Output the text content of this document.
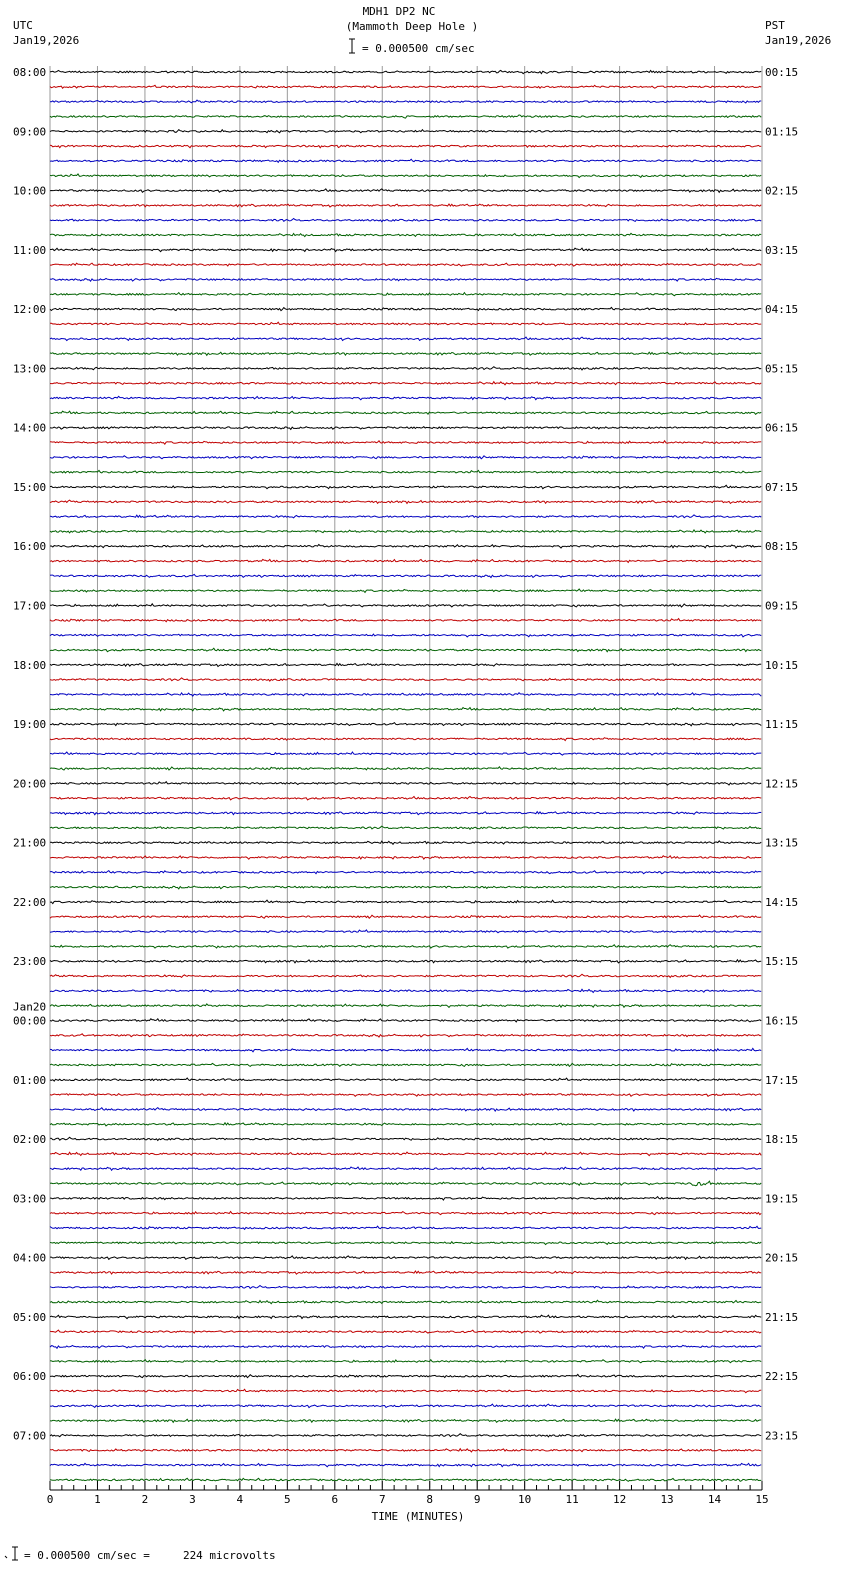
MDH1 DP2 NC
(Mammoth Deep Hole )
= 0.000500 cm/sec
UTC
Jan19,2026
PST
Jan19,2026
08:00
09:00
10:00
11:00
12:00
13:00
14:00
15:00
16:00
17:00
18:00
19:00
20:00
21:00
22:00
23:00
Jan20
00:00
01:00
02:00
03:00
04:00
05:00
06:00
07:00
00:15
01:15
02:15
03:15
04:15
05:15
06:15
07:15
08:15
09:15
10:15
11:15
12:15
13:15
14:15
15:15
16:15
17:15
18:15
19:15
20:15
21:15
22:15
23:15
0	1	2	3	4	5	6	7	8	9	10	11	12	13	14	15
TIME (MINUTES)
= 0.000500 cm/sec =     224 microvolts
